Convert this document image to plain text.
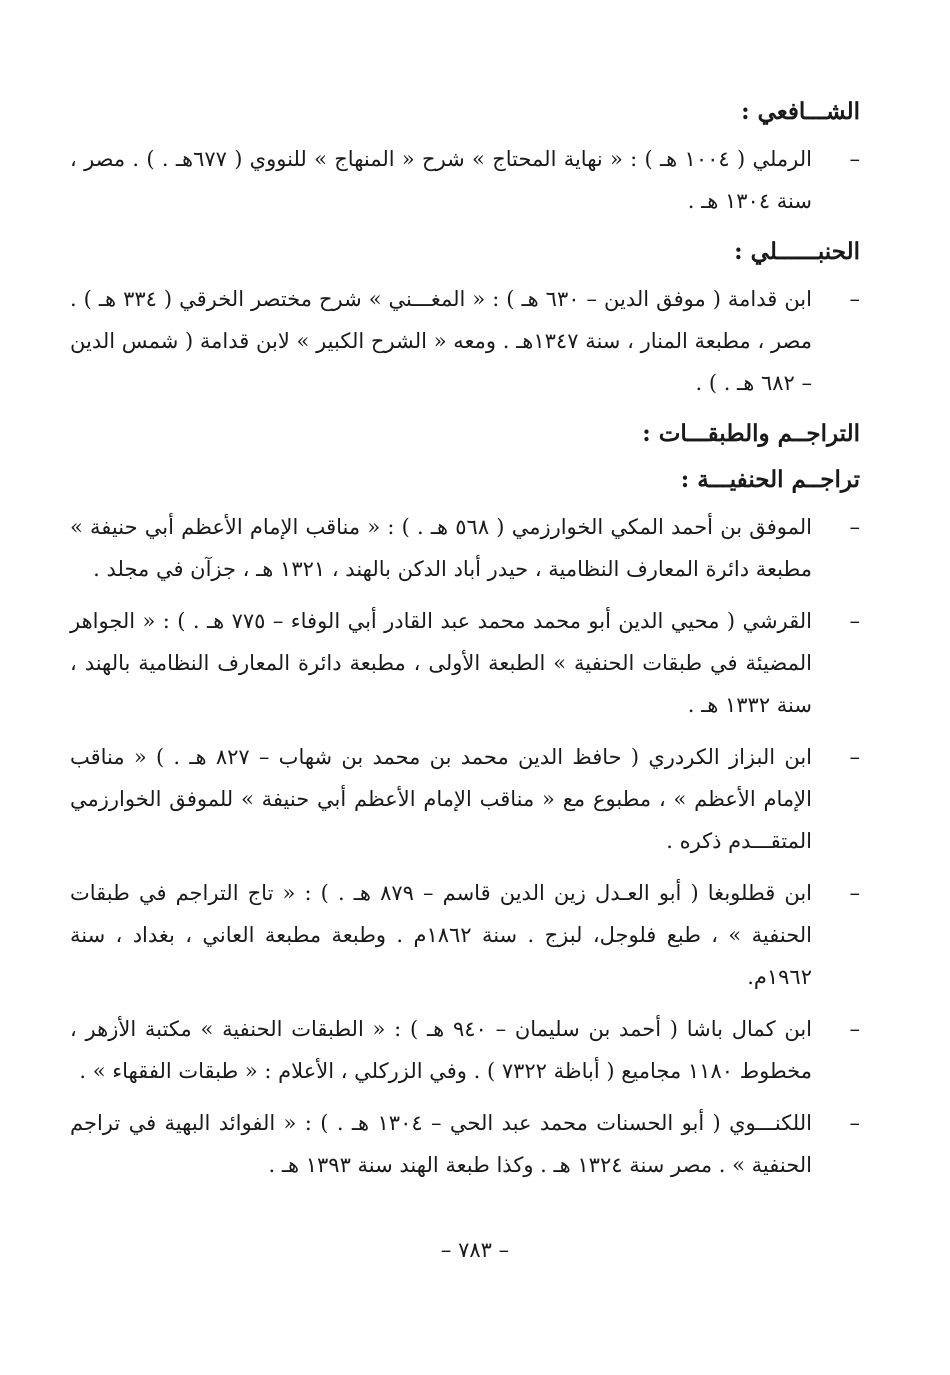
الشـــافعي :
–
الرملي ( ١٠٠٤ هـ ) : « نهاية المحتاج » شرح « المنهاج » للنووي ( ٦٧٧هـ . ) . مصر ، سنة ١٣٠٤ هـ .
الحنبــــــلي :
–
ابن قدامة ( موفق الدين – ٦٣٠ هـ ) : « المغـــني » شرح مختصر الخرقي ( ٣٣٤ هـ ) . مصر ، مطبعة المنار ، سنة ١٣٤٧هـ . ومعه « الشرح الكبير » لابن قدامة ( شمس الدين – ٦٨٢ هـ . ) .
التراجــم والطبقـــات :
تراجــم الحنفيـــة :
–
الموفق بن أحمد المكي الخوارزمي ( ٥٦٨ هـ . ) : « مناقب الإمام الأعظم أبي حنيفة » مطبعة دائرة المعارف النظامية ، حيدر أباد الدكن بالهند ، ١٣٢١ هـ ، جزآن في مجلد .
–
القرشي ( محيي الدين أبو محمد محمد عبد القادر أبي الوفاء – ٧٧٥ هـ . ) : « الجواهر المضيئة في طبقات الحنفية » الطبعة الأولى ، مطبعة دائرة المعارف النظامية بالهند ، سنة ١٣٣٢ هـ .
–
ابن البزاز الكردري ( حافظ الدين محمد بن محمد بن شهاب – ٨٢٧ هـ . ) « مناقب الإمام الأعظم » ، مطبوع مع « مناقب الإمام الأعظم أبي حنيفة » للموفق الخوارزمي المتقـــدم ذكره .
–
ابن قطلوبغا ( أبو العـدل زين الدين قاسم – ٨٧٩ هـ . ) : « تاج التراجم في طبقات الحنفية » ، طبع فلوجل، لبزج . سنة ١٨٦٢م . وطبعة مطبعة العاني ، بغداد ، سنة ١٩٦٢م.
–
ابن كمال باشا ( أحمد بن سليمان – ٩٤٠ هـ ) : « الطبقات الحنفية » مكتبة الأزهر ، مخطوط ١١٨٠ مجاميع ( أباظة ٧٣٢٢ ) . وفي الزركلي ، الأعلام : « طبقات الفقهاء » .
–
اللكنـــوي ( أبو الحسنات محمد عبد الحي – ١٣٠٤ هـ . ) : « الفوائد البهية في تراجم الحنفية » . مصر سنة ١٣٢٤ هـ . وكذا طبعة الهند سنة ١٣٩٣ هـ .
– ٧٨٣ –
